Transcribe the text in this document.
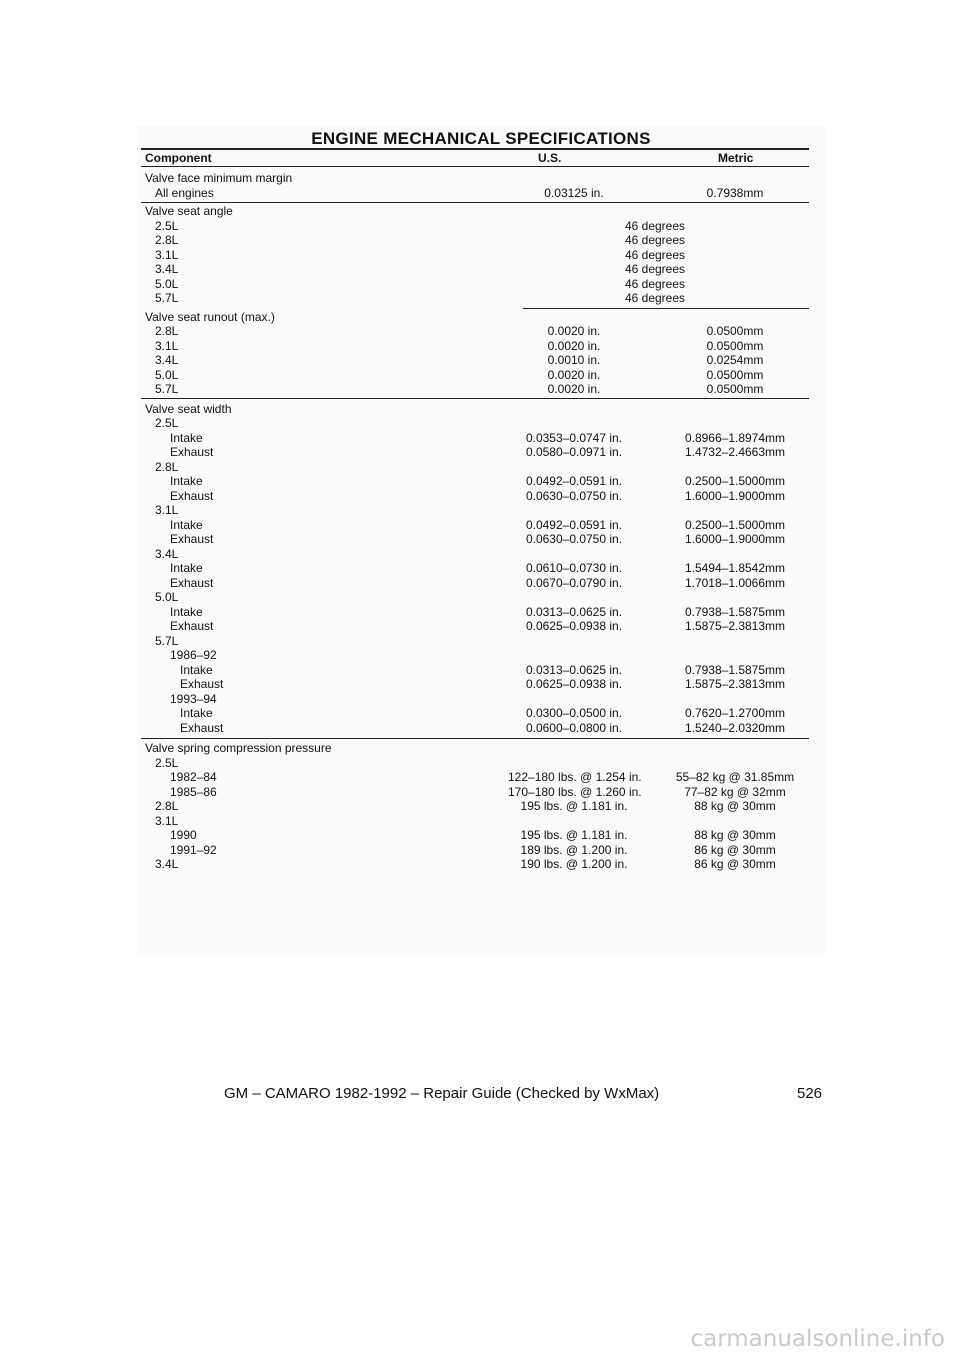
ENGINE MECHANICAL SPECIFICATIONS
Component	U.S.	Metric
Valve face minimum margin
All engines	0.03125 in.	0.7938mm
Valve seat angle
2.5L	46 degrees
2.8L	46 degrees
3.1L	46 degrees
3.4L	46 degrees
5.0L	46 degrees
5.7L	46 degrees
Valve seat runout (max.)
2.8L	0.0020 in.	0.0500mm
3.1L	0.0020 in.	0.0500mm
3.4L	0.0010 in.	0.0254mm
5.0L	0.0020 in.	0.0500mm
5.7L	0.0020 in.	0.0500mm
Valve seat width
2.5L
Intake	0.0353–0.0747 in.	0.8966–1.8974mm
Exhaust	0.0580–0.0971 in.	1.4732–2.4663mm
2.8L
Intake	0.0492–0.0591 in.	0.2500–1.5000mm
Exhaust	0.0630–0.0750 in.	1.6000–1.9000mm
3.1L
Intake	0.0492–0.0591 in.	0.2500–1.5000mm
Exhaust	0.0630–0.0750 in.	1.6000–1.9000mm
3.4L
Intake	0.0610–0.0730 in.	1.5494–1.8542mm
Exhaust	0.0670–0.0790 in.	1.7018–1.0066mm
5.0L
Intake	0.0313–0.0625 in.	0.7938–1.5875mm
Exhaust	0.0625–0.0938 in.	1.5875–2.3813mm
5.7L
1986–92
Intake	0.0313–0.0625 in.	0.7938–1.5875mm
Exhaust	0.0625–0.0938 in.	1.5875–2.3813mm
1993–94
Intake	0.0300–0.0500 in.	0.7620–1.2700mm
Exhaust	0.0600–0.0800 in.	1.5240–2.0320mm
Valve spring compression pressure
2.5L
1982–84	122–180 lbs. @ 1.254 in.	55–82 kg @ 31.85mm
1985–86	170–180 lbs. @ 1.260 in.	77–82 kg @ 32mm
2.8L	195 lbs. @ 1.181 in.	88 kg @ 30mm
3.1L
1990	195 lbs. @ 1.181 in.	88 kg @ 30mm
1991–92	189 lbs. @ 1.200 in.	86 kg @ 30mm
3.4L	190 lbs. @ 1.200 in.	86 kg @ 30mm
GM – CAMARO 1982-1992 – Repair Guide (Checked by WxMax)	526
carmanualsonline.info
